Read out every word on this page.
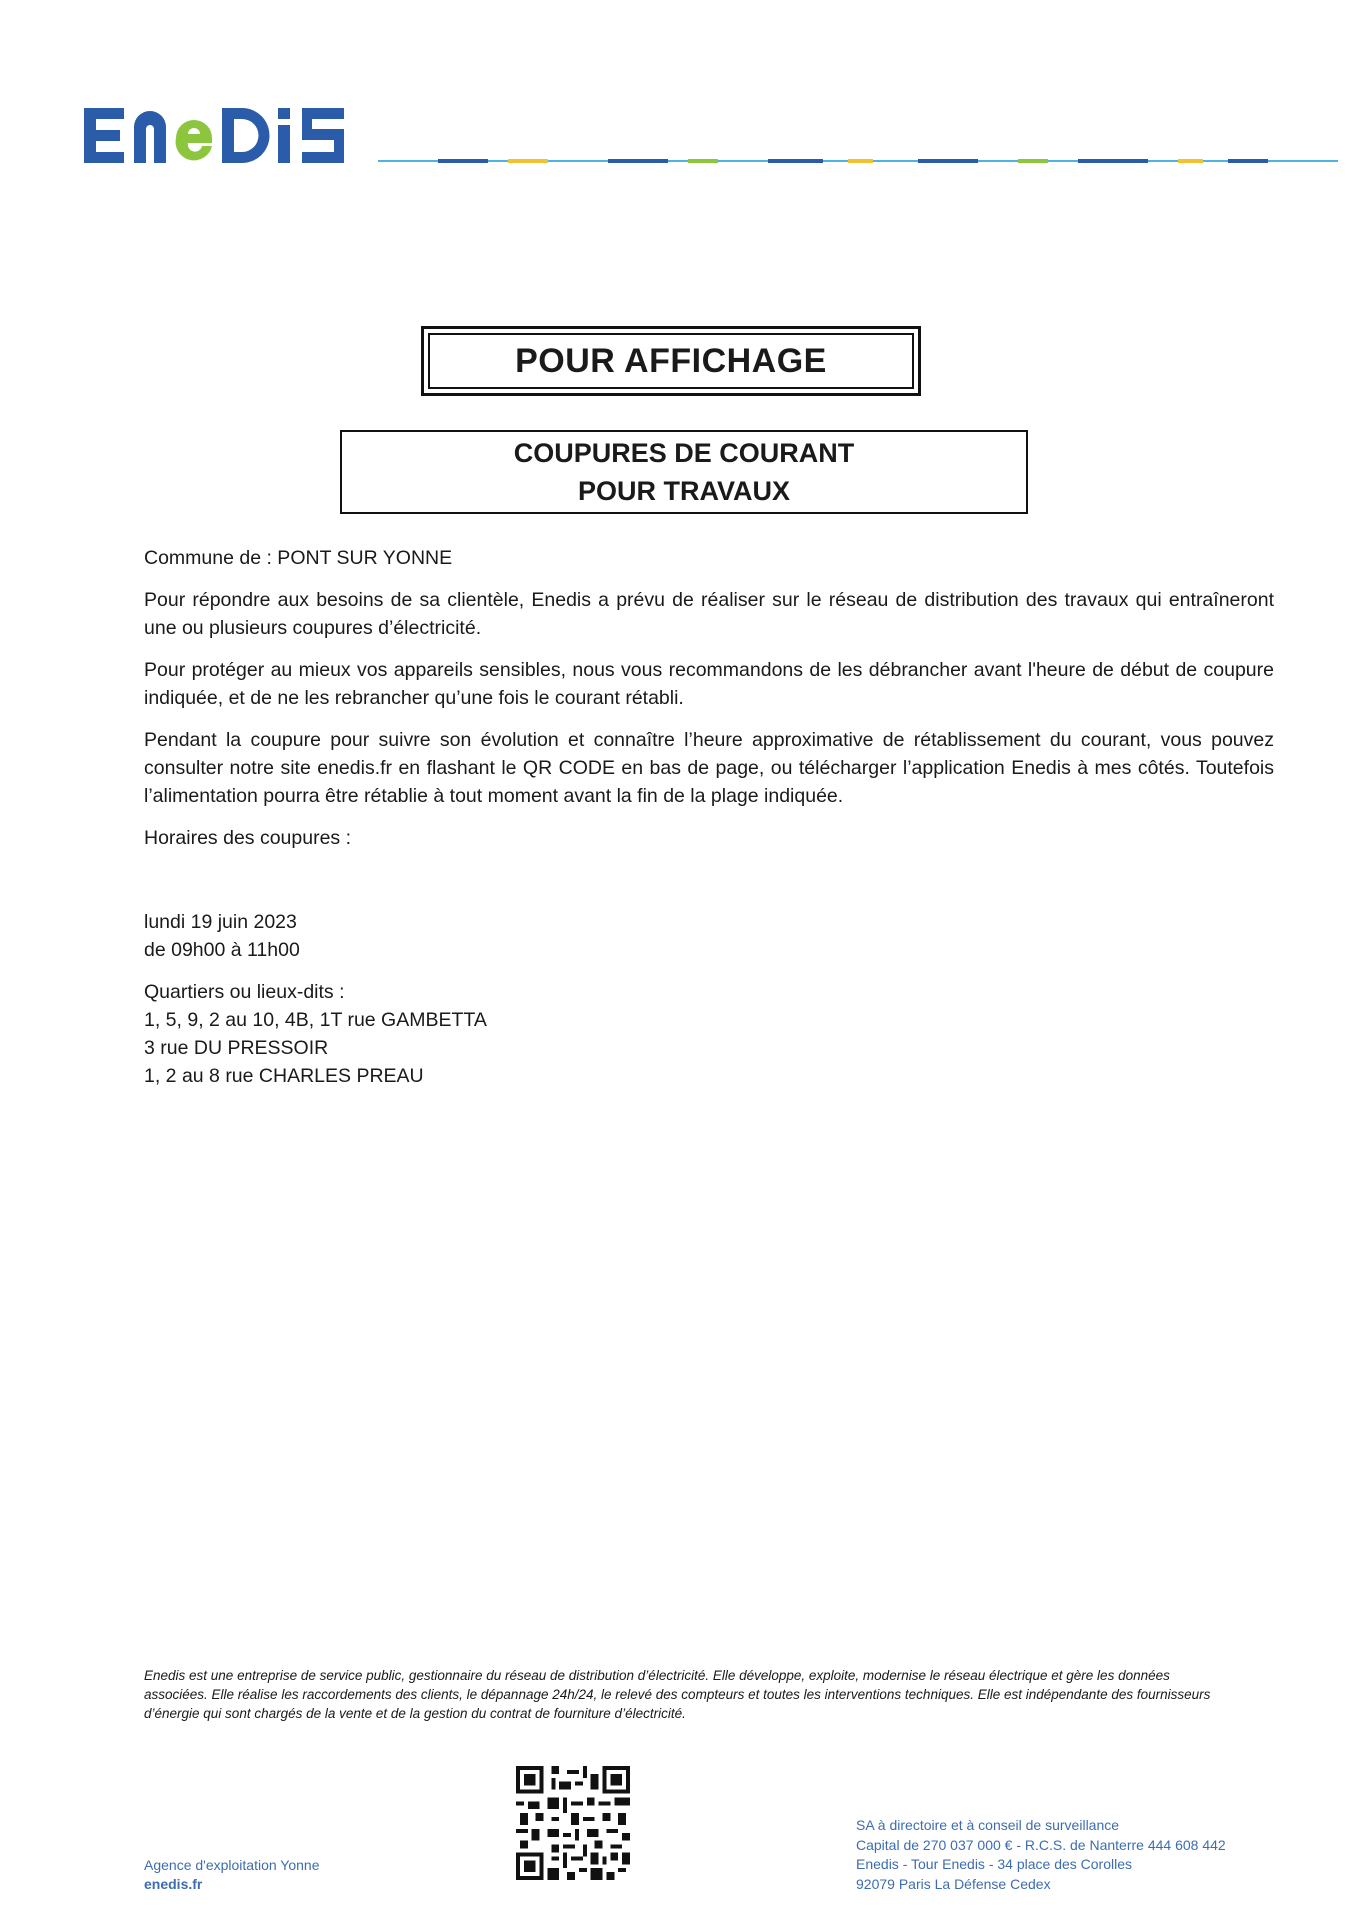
POUR AFFICHAGE
COUPURES DE COURANT
POUR TRAVAUX

Commune de : PONT SUR YONNE

Pour répondre aux besoins de sa clientèle, Enedis a prévu de réaliser sur le réseau de distribution des travaux qui entraîneront une ou plusieurs coupures d’électricité.

Pour protéger au mieux vos appareils sensibles, nous vous recommandons de les débrancher avant l'heure de début de coupure indiquée, et de ne les rebrancher qu’une fois le courant rétabli.

Pendant la coupure pour suivre son évolution et connaître l’heure approximative de rétablissement du courant, vous pouvez consulter notre site enedis.fr en flashant le QR CODE en bas de page, ou télécharger l’application Enedis à mes côtés. Toutefois l’alimentation pourra être rétablie à tout moment avant la fin de la plage indiquée.

Horaires des coupures :

lundi 19 juin 2023
de 09h00 à 11h00
Quartiers ou lieux-dits :
1, 5, 9, 2 au 10, 4B, 1T rue GAMBETTA
3 rue DU PRESSOIR
1, 2 au 8 rue CHARLES PREAU
Enedis est une entreprise de service public, gestionnaire du réseau de distribution d’électricité. Elle développe, exploite, modernise le réseau électrique et gère les données associées. Elle réalise les raccordements des clients, le dépannage 24h/24, le relevé des compteurs et toutes les interventions techniques. Elle est indépendante des fournisseurs d’énergie qui sont chargés de la vente et de la gestion du contrat de fourniture d’électricité.
Agence d'exploitation Yonne
enedis.fr
SA à directoire et à conseil de surveillance
Capital de 270 037 000 € - R.C.S. de Nanterre 444 608 442
Enedis - Tour Enedis - 34 place des Corolles
92079 Paris La Défense Cedex
